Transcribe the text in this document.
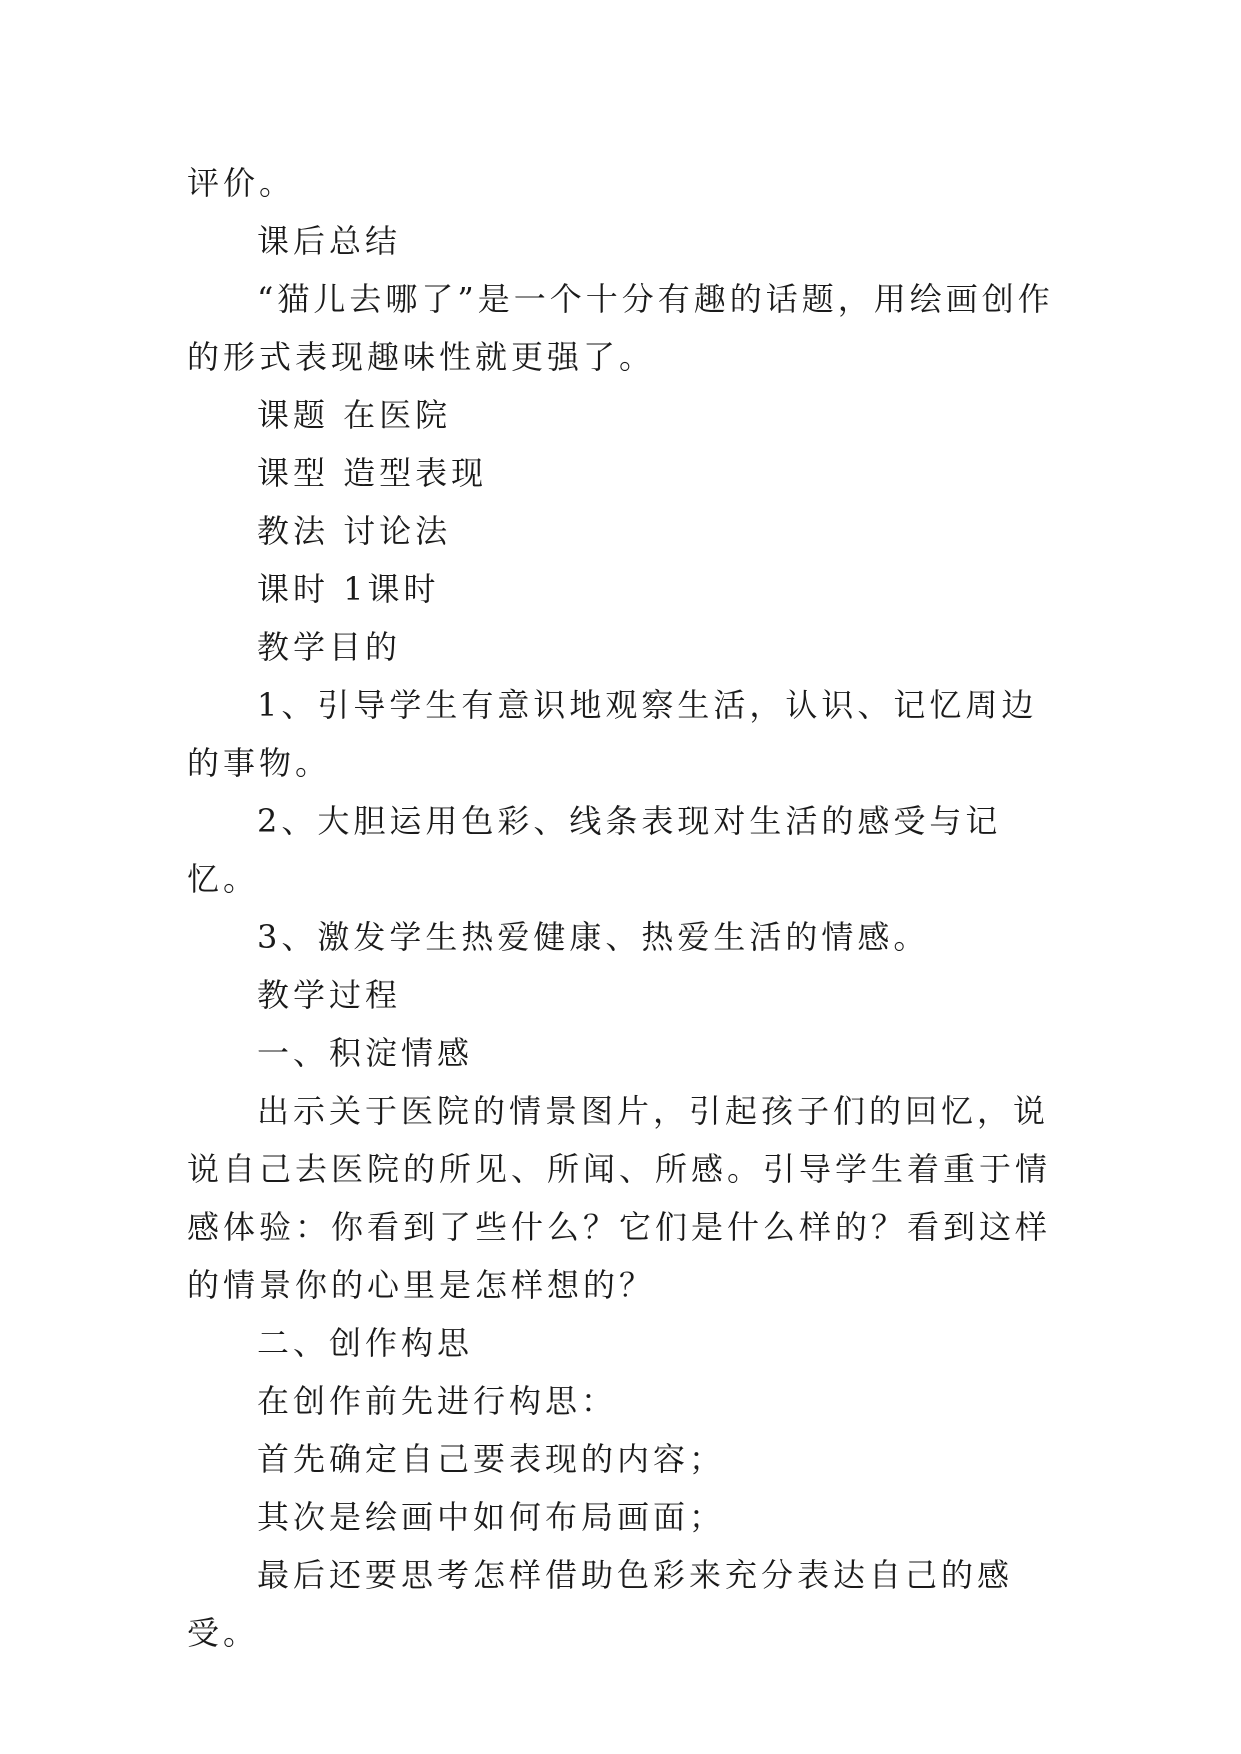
评价。

课后总结

“猫儿去哪了”是一个十分有趣的话题，用绘画创作的形式表现趣味性就更强了。

课题 在医院

课型 造型表现

教法 讨论法

课时 1课时

教学目的

1、引导学生有意识地观察生活，认识、记忆周边的事物。

2、大胆运用色彩、线条表现对生活的感受与记忆。

3、激发学生热爱健康、热爱生活的情感。

教学过程

一、积淀情感

出示关于医院的情景图片，引起孩子们的回忆，说说自己去医院的所见、所闻、所感。引导学生着重于情感体验：你看到了些什么？它们是什么样的？看到这样的情景你的心里是怎样想的？

二、创作构思

在创作前先进行构思：

首先确定自己要表现的内容；

其次是绘画中如何布局画面；

最后还要思考怎样借助色彩来充分表达自己的感受。
